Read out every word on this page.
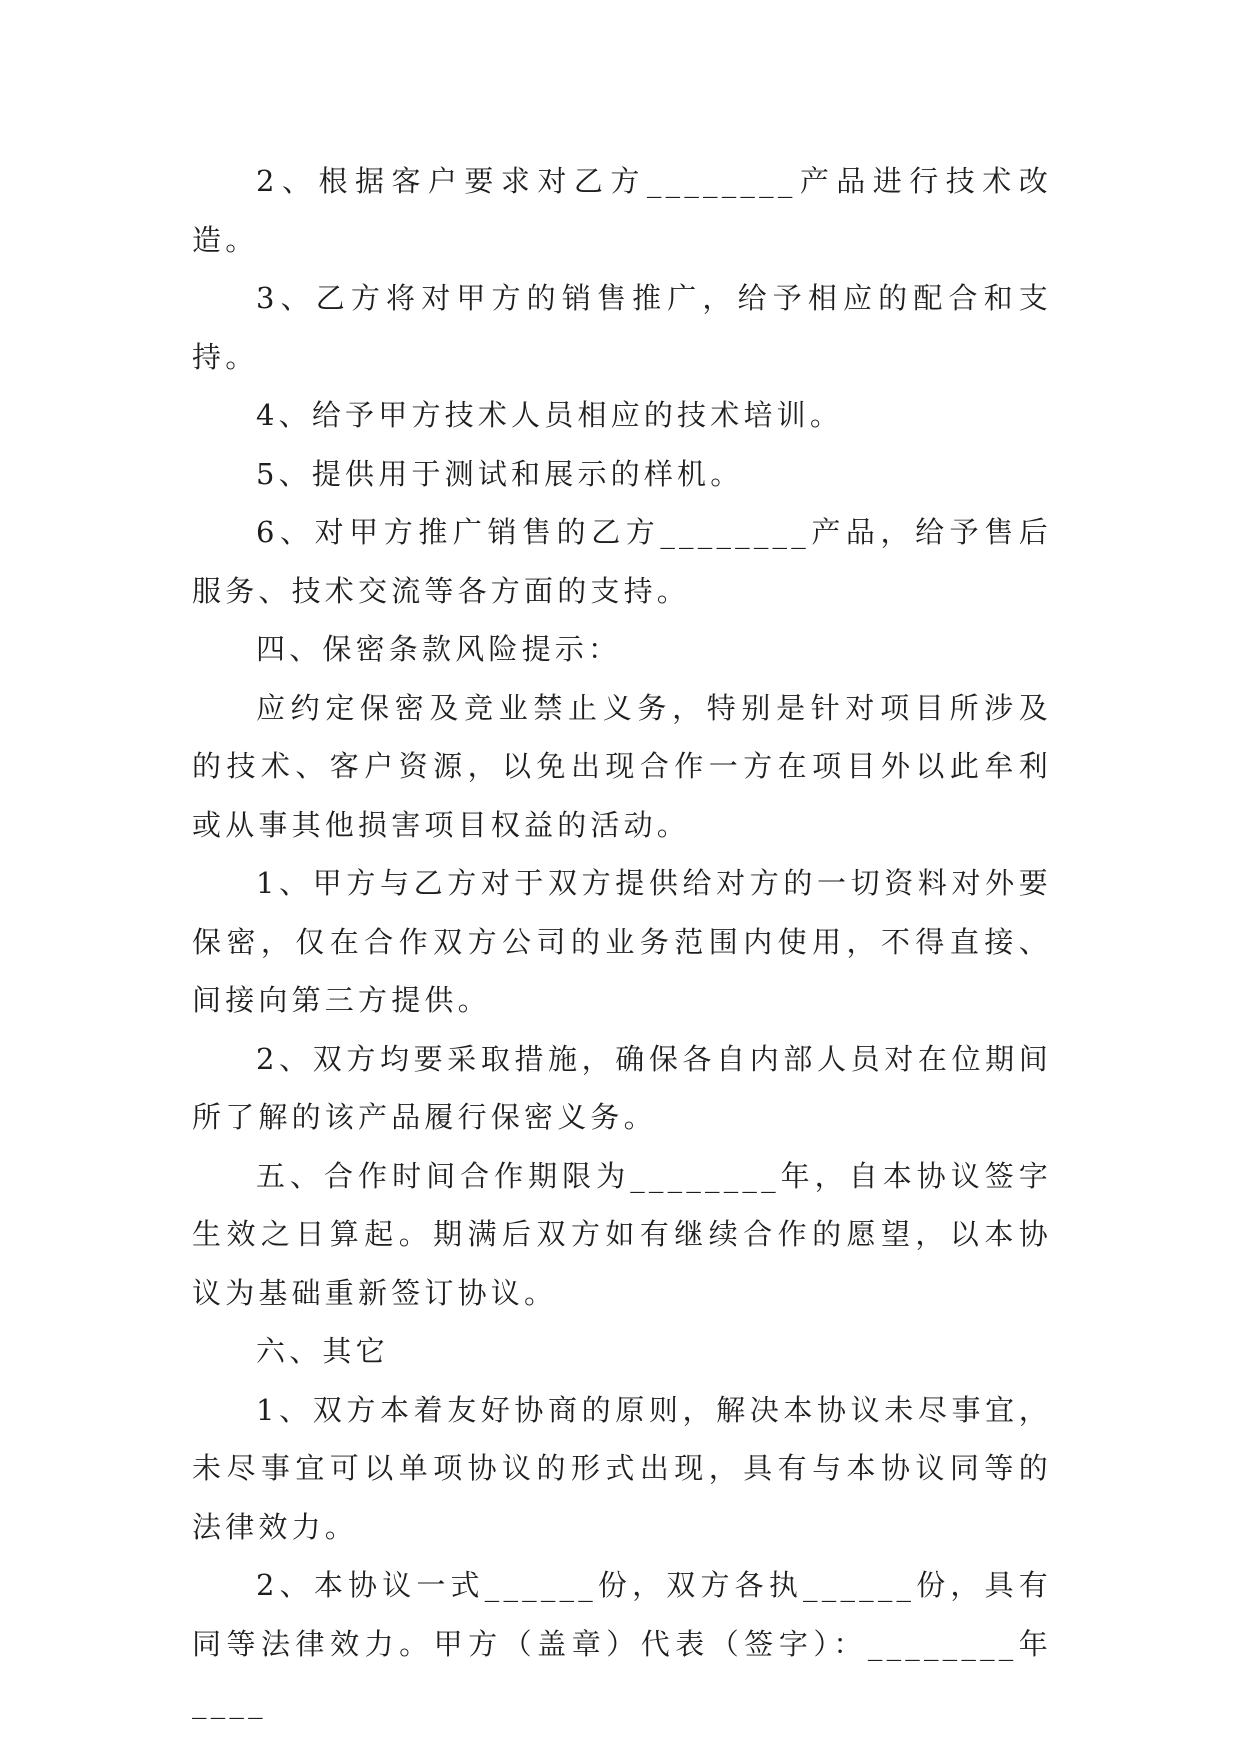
2、根据客户要求对乙方________产品进行技术改造。

3、乙方将对甲方的销售推广，给予相应的配合和支持。

4、给予甲方技术人员相应的技术培训。

5、提供用于测试和展示的样机。

6、对甲方推广销售的乙方________产品，给予售后服务、技术交流等各方面的支持。

四、保密条款风险提示：

应约定保密及竞业禁止义务，特别是针对项目所涉及的技术、客户资源，以免出现合作一方在项目外以此牟利或从事其他损害项目权益的活动。

1、甲方与乙方对于双方提供给对方的一切资料对外要保密，仅在合作双方公司的业务范围内使用，不得直接、间接向第三方提供。

2、双方均要采取措施，确保各自内部人员对在位期间所了解的该产品履行保密义务。

五、合作时间合作期限为________年，自本协议签字生效之日算起。期满后双方如有继续合作的愿望，以本协议为基础重新签订协议。

六、其它

1、双方本着友好协商的原则，解决本协议未尽事宜，未尽事宜可以单项协议的形式出现，具有与本协议同等的法律效力。

2、本协议一式______份，双方各执______份，具有同等法律效力。甲方（盖章）代表（签字）：________年____
